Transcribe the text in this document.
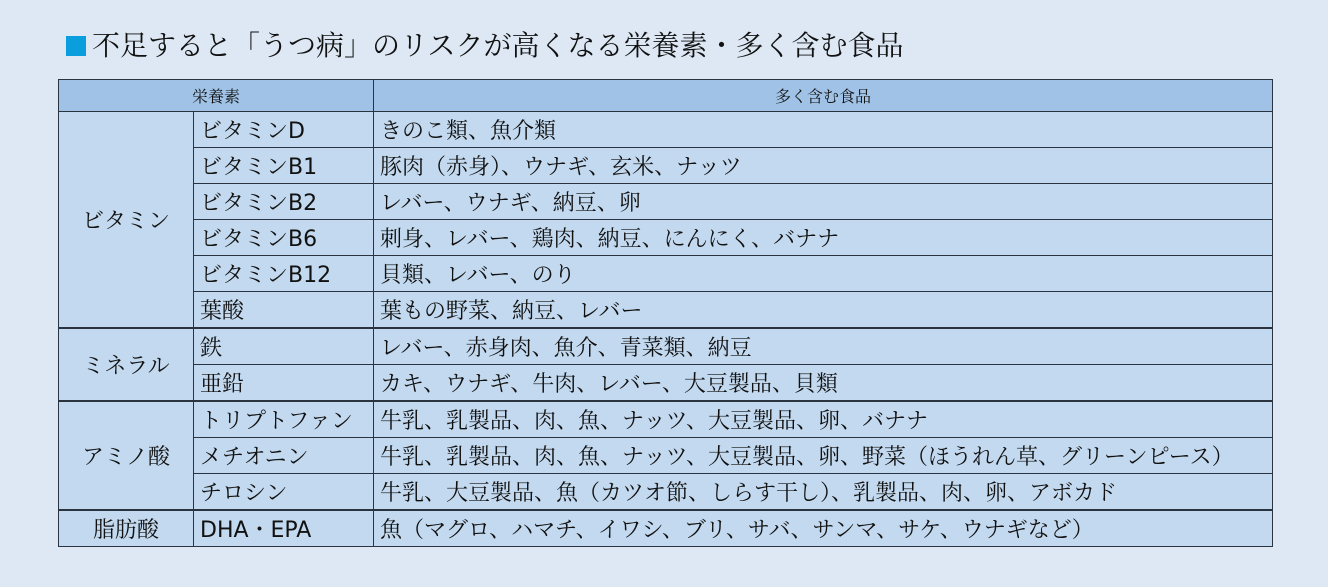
不足すると「うつ病」のリスクが高くなる栄養素・多く含む食品
栄養素		多く含む食品
ビタミン	ビタミンD	きのこ類、魚介類
	ビタミンB1	豚肉（赤身）、ウナギ、玄米、ナッツ
	ビタミンB2	レバー、ウナギ、納豆、卵
	ビタミンB6	刺身、レバー、鶏肉、納豆、にんにく、バナナ
	ビタミンB12	貝類、レバー、のり
	葉酸	葉もの野菜、納豆、レバー
ミネラル	鉄	レバー、赤身肉、魚介、青菜類、納豆
	亜鉛	カキ、ウナギ、牛肉、レバー、大豆製品、貝類
アミノ酸	トリプトファン	牛乳、乳製品、肉、魚、ナッツ、大豆製品、卵、バナナ
	メチオニン	牛乳、乳製品、肉、魚、ナッツ、大豆製品、卵、野菜（ほうれん草、グリーンピース）
	チロシン	牛乳、大豆製品、魚（カツオ節、しらす干し）、乳製品、肉、卵、アボカド
脂肪酸	DHA・EPA	魚（マグロ、ハマチ、イワシ、ブリ、サバ、サンマ、サケ、ウナギなど）
